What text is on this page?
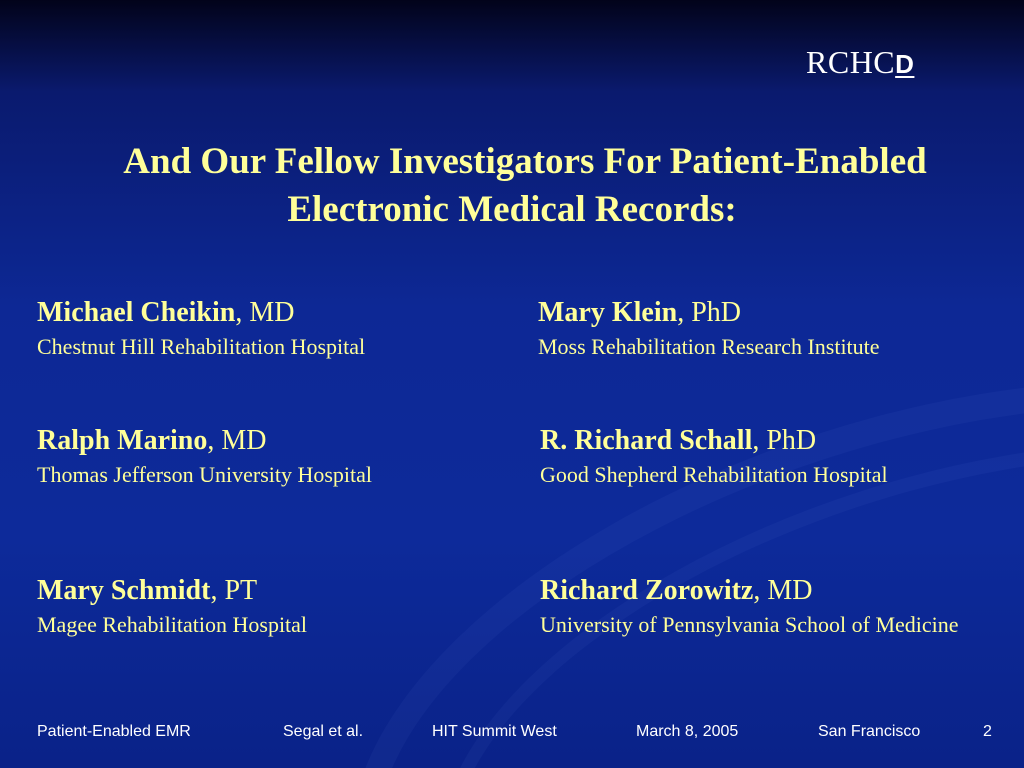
RCHCD
And Our Fellow Investigators For Patient-Enabled
Electronic Medical Records:
Michael Cheikin, MD
Chestnut Hill Rehabilitation Hospital
Mary Klein, PhD
Moss Rehabilitation Research Institute
Ralph Marino, MD
Thomas Jefferson University Hospital
R. Richard Schall, PhD
Good Shepherd Rehabilitation Hospital
Mary Schmidt, PT
Magee Rehabilitation Hospital
Richard Zorowitz, MD
University of Pennsylvania School of Medicine
Patient-Enabled EMR	Segal et al.	HIT Summit West	March 8, 2005	San Francisco	2
